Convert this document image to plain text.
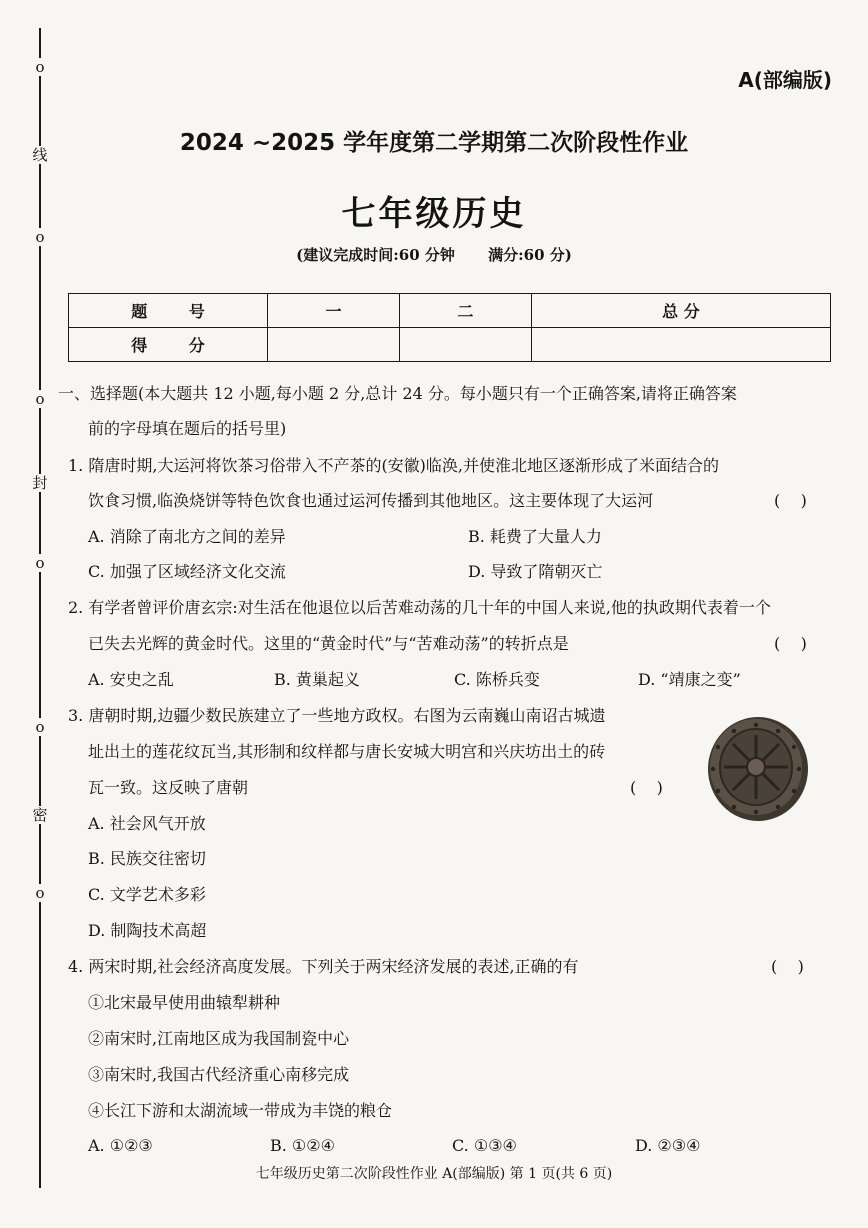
o
线
o
o
封
o
o
密
o
A(部编版)
2024 ~2025 学年度第二学期第二次阶段性作业
七年级历史
(建议完成时间:60 分钟 满分:60 分)
题 号	一	二	总 分
得 分			
一、选择题(本大题共 12 小题,每小题 2 分,总计 24 分。每小题只有一个正确答案,请将正确答案
前的字母填在题后的括号里)
1. 隋唐时期,大运河将饮茶习俗带入不产茶的(安徽)临涣,并使淮北地区逐渐形成了米面结合的
饮食习惯,临涣烧饼等特色饮食也通过运河传播到其他地区。这主要体现了大运河	(    )
A. 消除了南北方之间的差异	B. 耗费了大量人力
C. 加强了区域经济文化交流	D. 导致了隋朝灭亡
2. 有学者曾评价唐玄宗:对生活在他退位以后苦难动荡的几十年的中国人来说,他的执政期代表着一个
已失去光辉的黄金时代。这里的“黄金时代”与“苦难动荡”的转折点是	(    )
A. 安史之乱	B. 黄巢起义	C. 陈桥兵变	D. “靖康之变”
3. 唐朝时期,边疆少数民族建立了一些地方政权。右图为云南巍山南诏古城遗
址出土的莲花纹瓦当,其形制和纹样都与唐长安城大明宫和兴庆坊出土的砖
瓦一致。这反映了唐朝	(    )
A. 社会风气开放
B. 民族交往密切
C. 文学艺术多彩
D. 制陶技术高超
4. 两宋时期,社会经济高度发展。下列关于两宋经济发展的表述,正确的有	(    )
①北宋最早使用曲辕犁耕种
②南宋时,江南地区成为我国制瓷中心
③南宋时,我国古代经济重心南移完成
④长江下游和太湖流域一带成为丰饶的粮仓
A. ①②③	B. ①②④	C. ①③④	D. ②③④
七年级历史第二次阶段性作业 A(部编版) 第 1 页(共 6 页)
